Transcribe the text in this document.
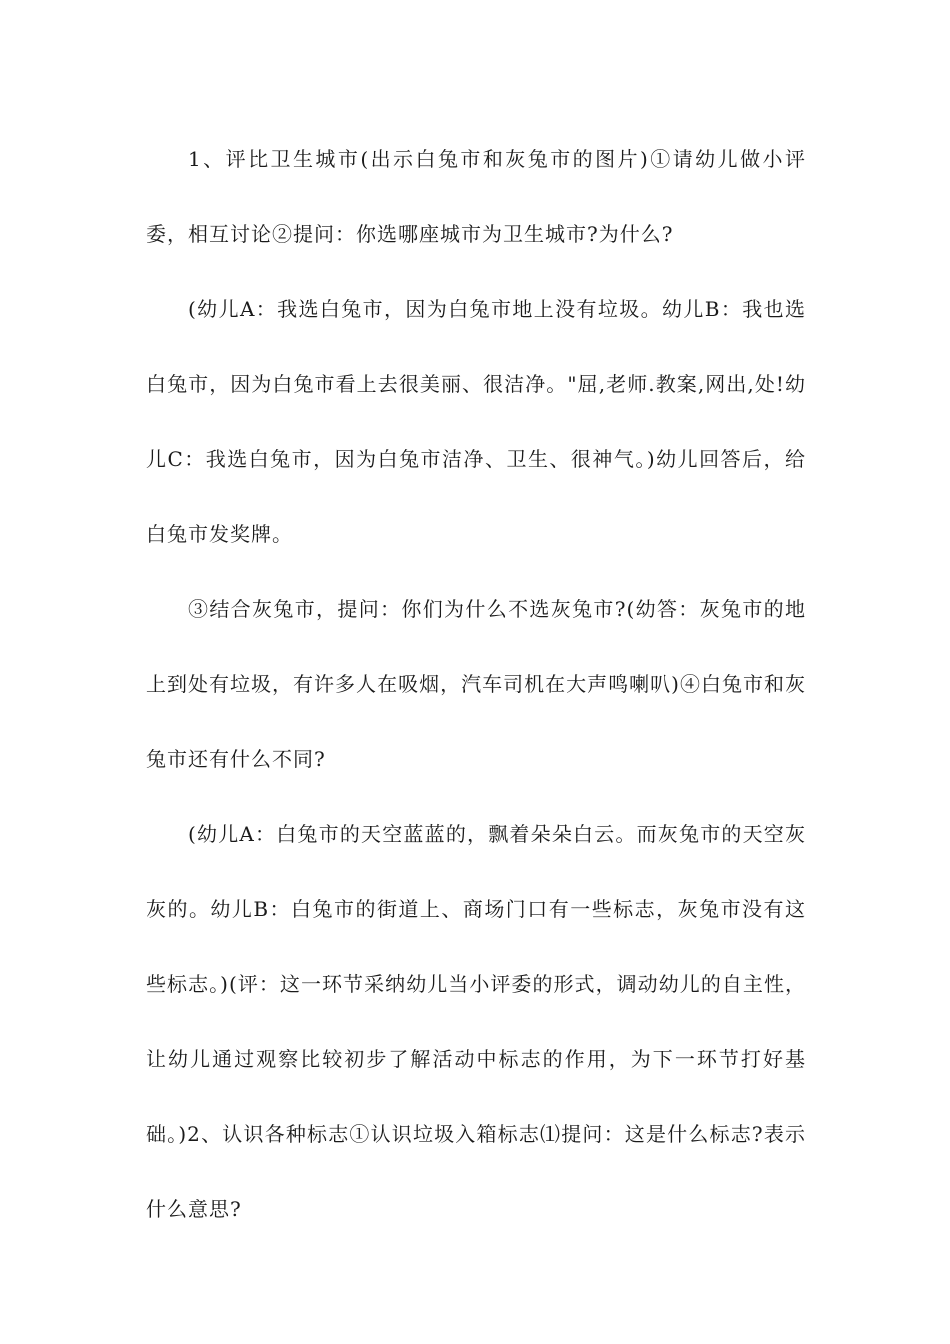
1、评比卫生城市(出示白兔市和灰兔市的图片)①请幼儿做小评委，相互讨论②提问：你选哪座城市为卫生城市?为什么?

(幼儿A：我选白兔市，因为白兔市地上没有垃圾。幼儿B：我也选白兔市，因为白兔市看上去很美丽、很洁净。"屈,老师.教案,网出,处!幼儿C：我选白兔市，因为白兔市洁净、卫生、很神气。)幼儿回答后，给白兔市发奖牌。

③结合灰兔市，提问：你们为什么不选灰兔市?(幼答：灰兔市的地上到处有垃圾，有许多人在吸烟，汽车司机在大声鸣喇叭)④白兔市和灰兔市还有什么不同?

(幼儿A：白兔市的天空蓝蓝的，飘着朵朵白云。而灰兔市的天空灰灰的。幼儿B：白兔市的街道上、商场门口有一些标志，灰兔市没有这些标志。)(评：这一环节采纳幼儿当小评委的形式，调动幼儿的自主性，让幼儿通过观察比较初步了解活动中标志的作用，为下一环节打好基础。)2、认识各种标志①认识垃圾入箱标志⑴提问：这是什么标志?表示什么意思?
